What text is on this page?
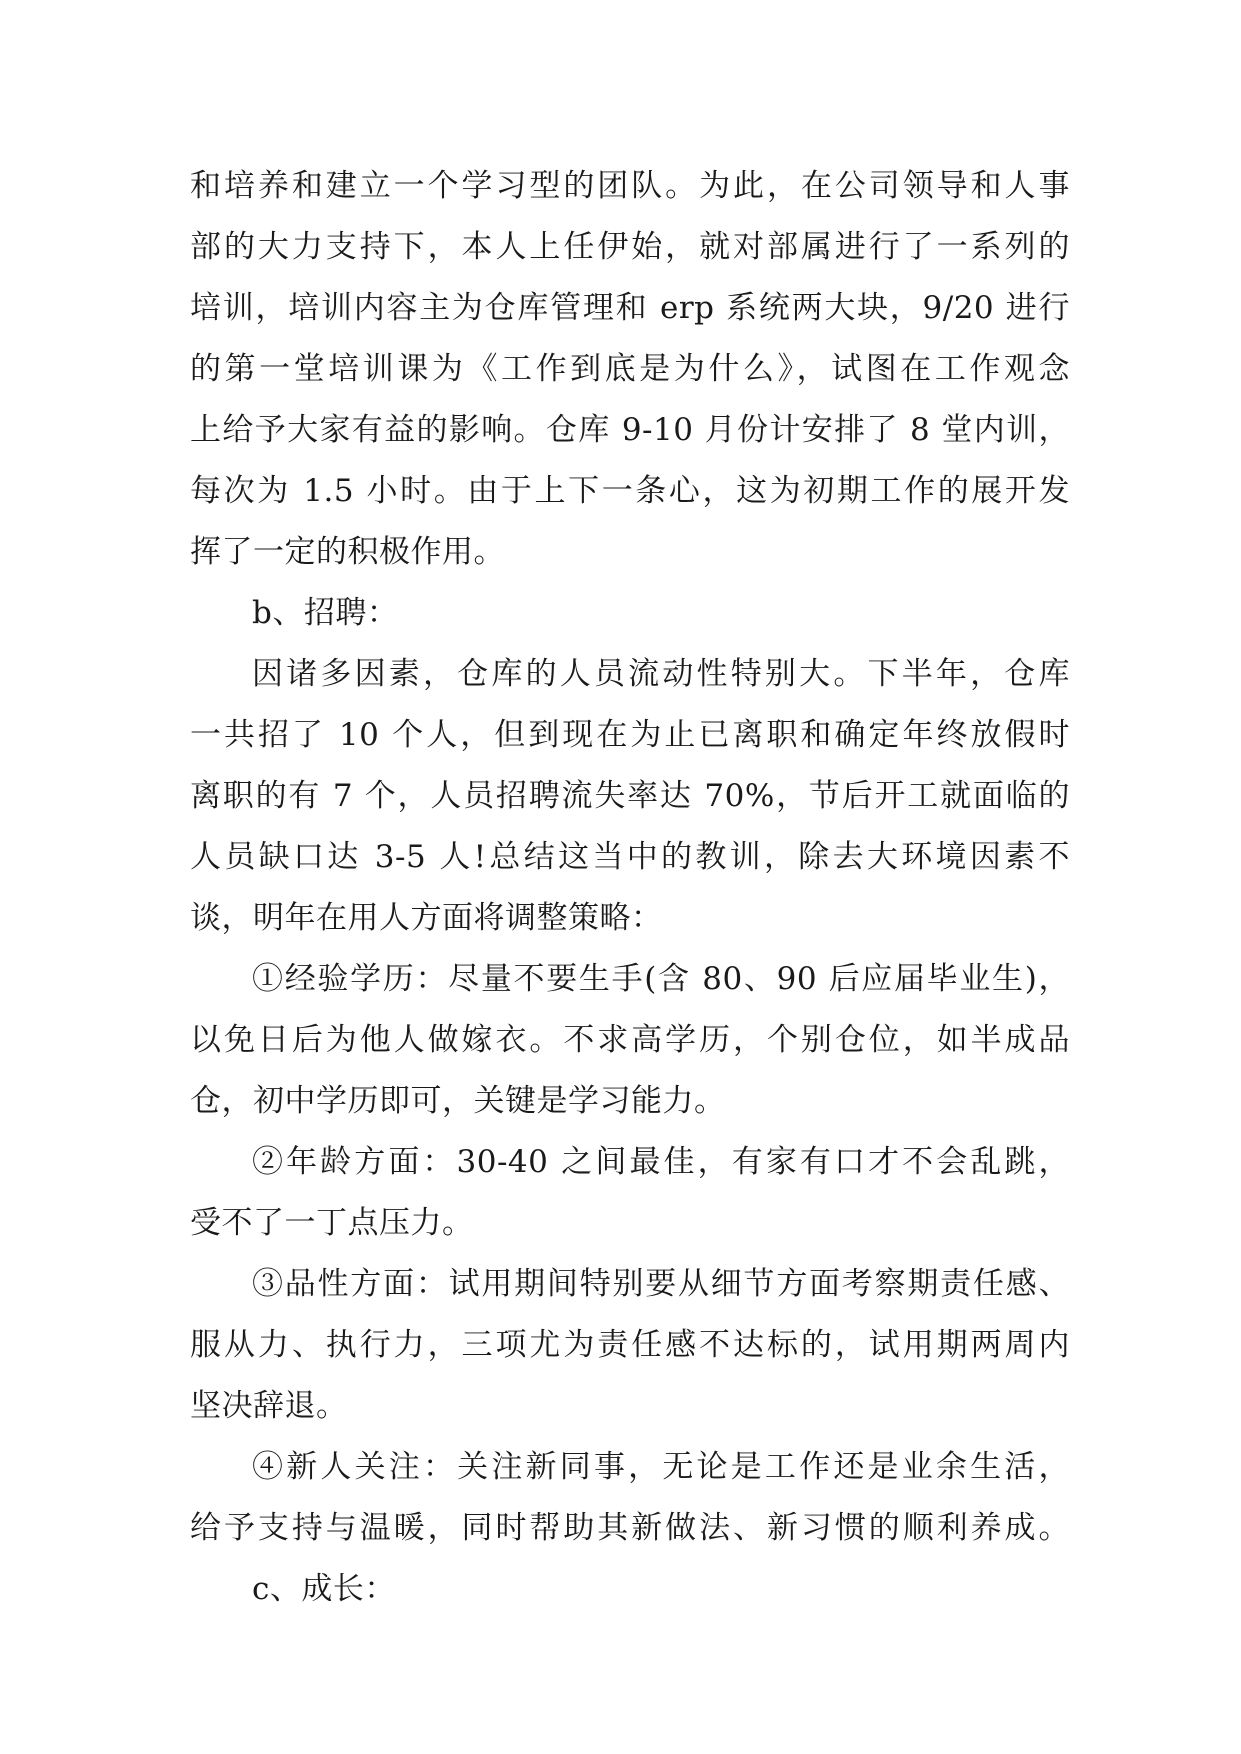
和培养和建立一个学习型的团队。为此，在公司领导和人事
部的大力支持下，本人上任伊始，就对部属进行了一系列的
培训，培训内容主为仓库管理和 erp 系统两大块，9/20 进行
的第一堂培训课为《工作到底是为什么》，试图在工作观念
上给予大家有益的影响。仓库 9-10 月份计安排了 8 堂内训，
每次为 1.5 小时。由于上下一条心，这为初期工作的展开发
挥了一定的积极作用。
b、招聘：
因诸多因素，仓库的人员流动性特别大。下半年，仓库
一共招了 10 个人，但到现在为止已离职和确定年终放假时
离职的有 7 个，人员招聘流失率达 70%，节后开工就面临的
人员缺口达 3-5 人!总结这当中的教训，除去大环境因素不
谈，明年在用人方面将调整策略：
①经验学历：尽量不要生手(含 80、90 后应届毕业生)，
以免日后为他人做嫁衣。不求高学历，个别仓位，如半成品
仓，初中学历即可，关键是学习能力。
②年龄方面：30-40 之间最佳，有家有口才不会乱跳，
受不了一丁点压力。
③品性方面：试用期间特别要从细节方面考察期责任感、
服从力、执行力，三项尤为责任感不达标的，试用期两周内
坚决辞退。
④新人关注：关注新同事，无论是工作还是业余生活，
给予支持与温暖，同时帮助其新做法、新习惯的顺利养成。
c、成长：
